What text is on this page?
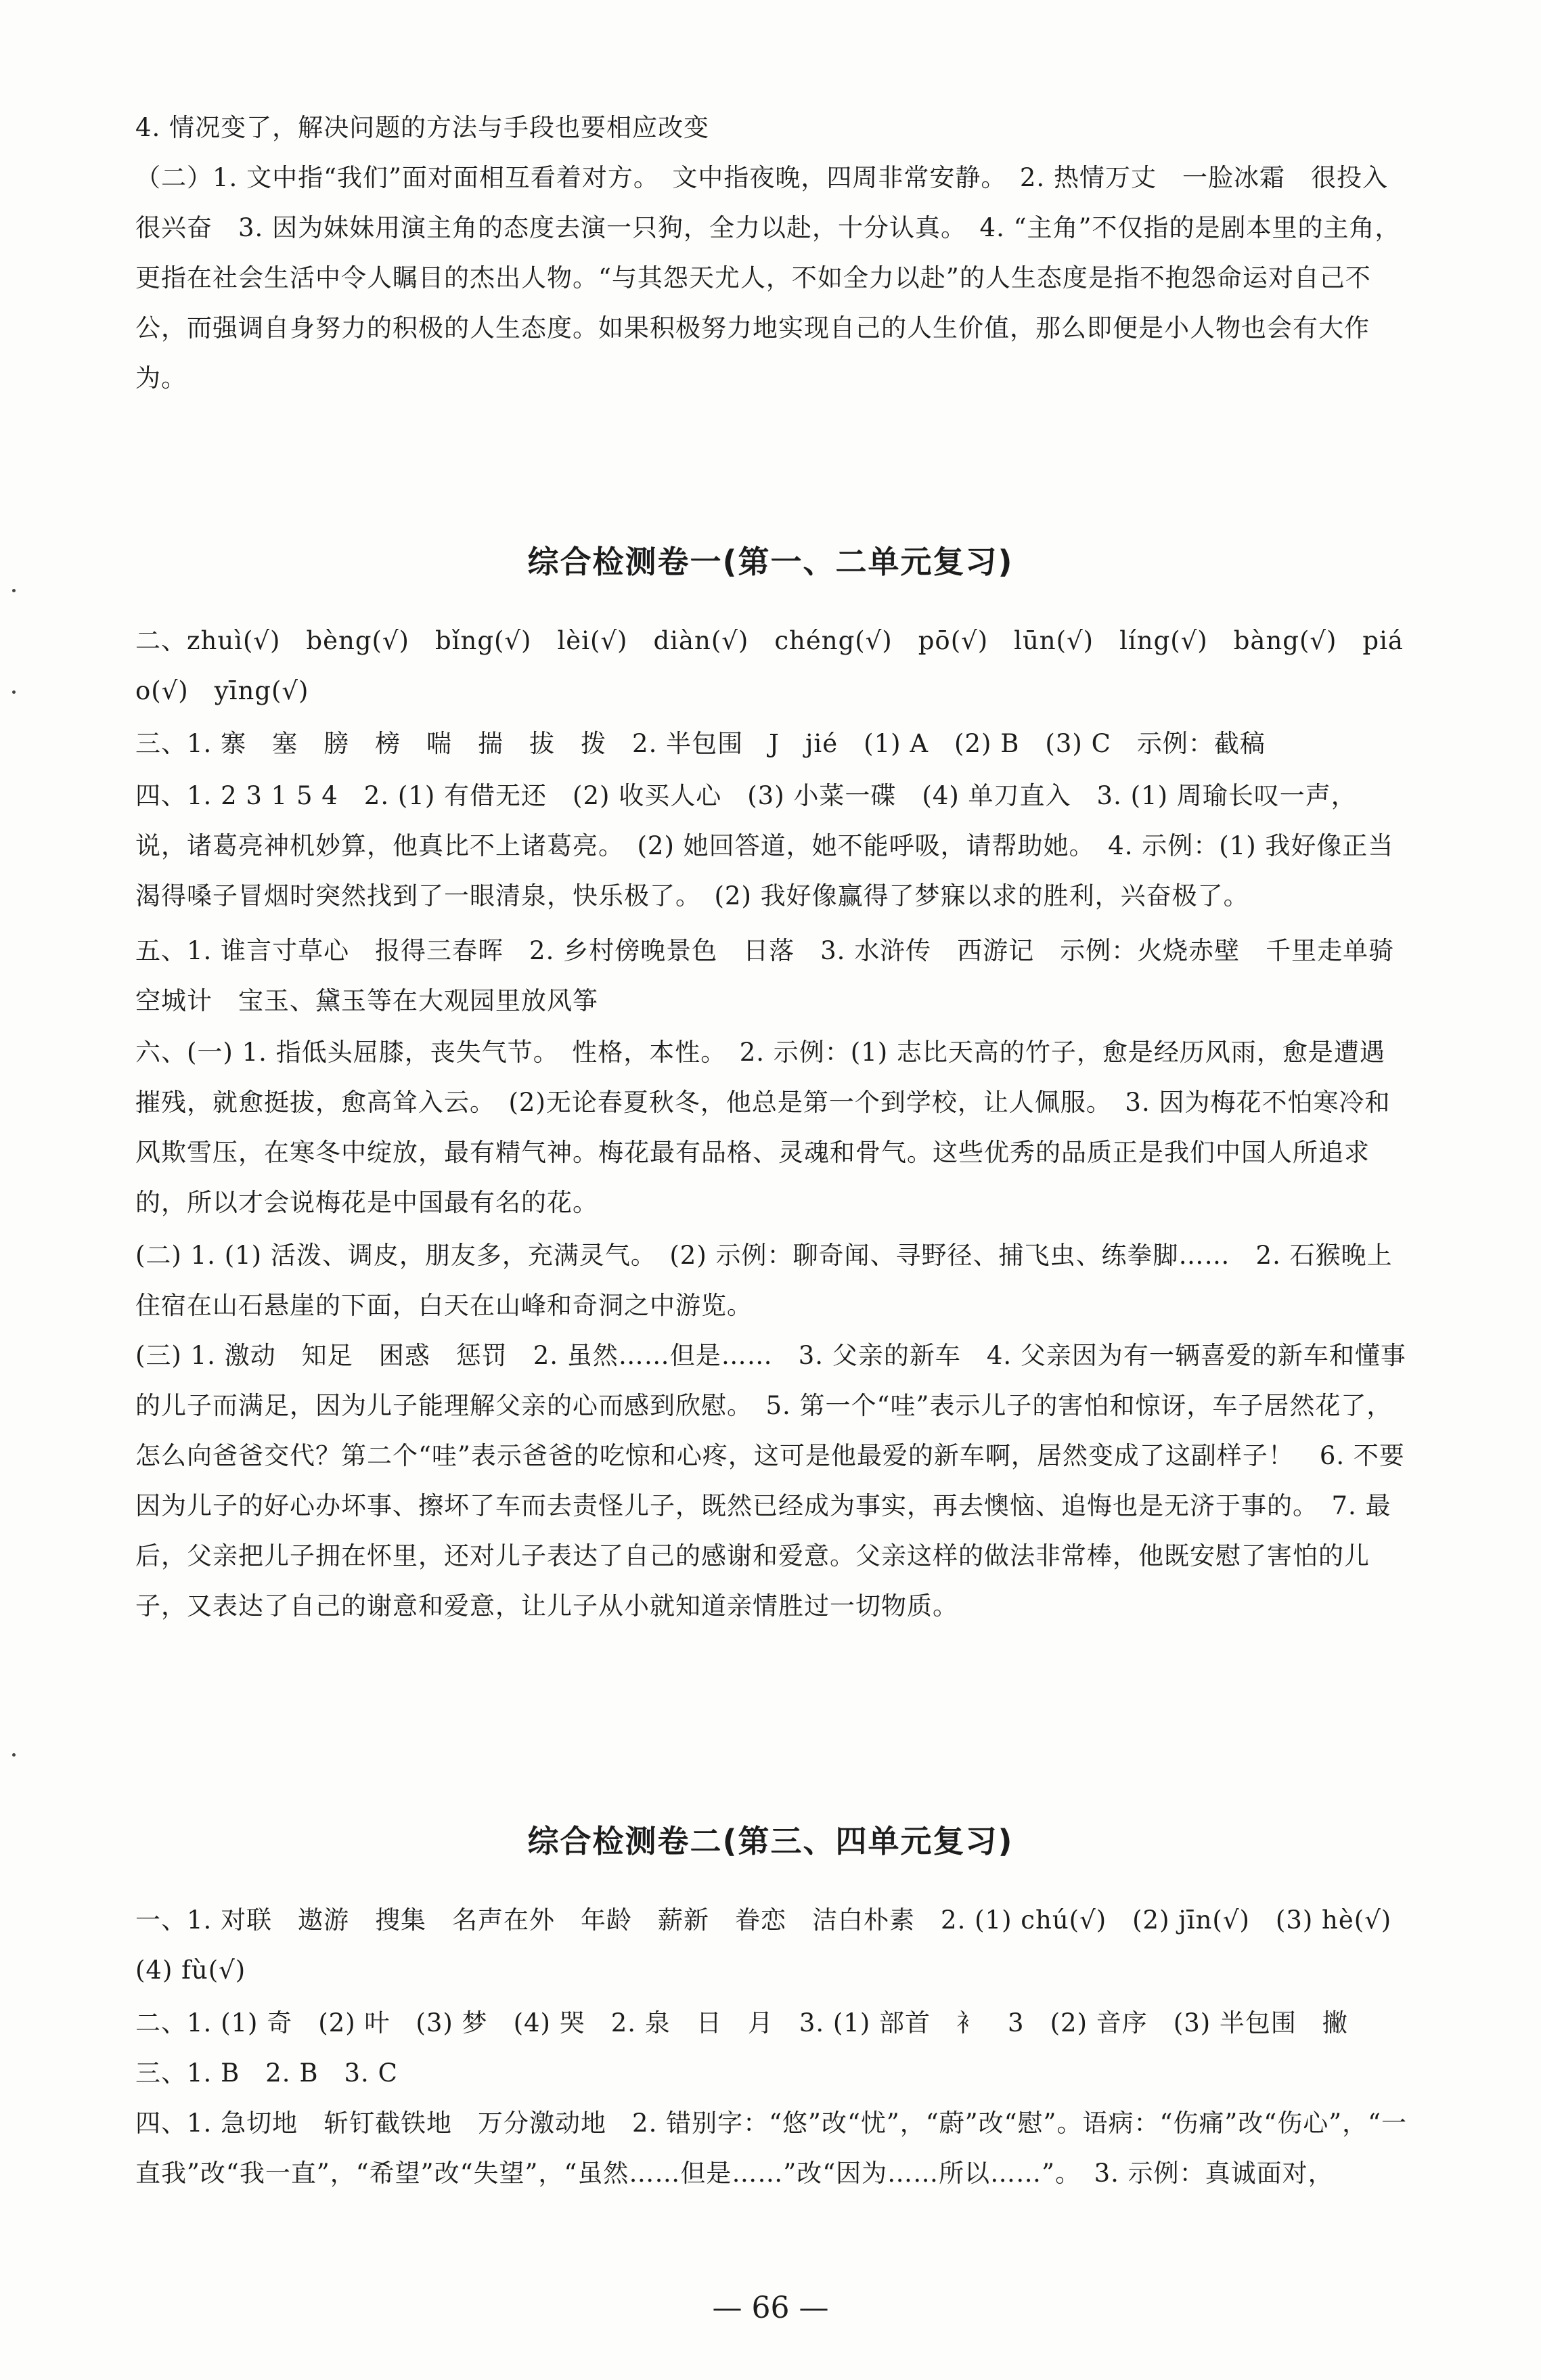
4. 情况变了，解决问题的方法与手段也要相应改变
（二）1. 文中指“我们”面对面相互看着对方。　文中指夜晚，四周非常安静。　2. 热情万丈　一脸冰霜　很投入　很兴奋　3. 因为妹妹用演主角的态度去演一只狗，全力以赴，十分认真。　4. “主角”不仅指的是剧本里的主角，更指在社会生活中令人瞩目的杰出人物。“与其怨天尤人，不如全力以赴”的人生态度是指不抱怨命运对自己不公，而强调自身努力的积极的人生态度。如果积极努力地实现自己的人生价值，那么即便是小人物也会有大作为。
综合检测卷一(第一、二单元复习)
二、zhuì(√)　bèng(√)　bǐng(√)　lèi(√)　diàn(√)　chéng(√)　pō(√)　lūn(√)　líng(√)　bàng(√)　piáo(√)　yīng(√)
三、1. 寨　塞　膀　榜　喘　揣　拔　拨　2. 半包围　J　jié　(1) A　(2) B　(3) C　示例：截稿
四、1. 2 3 1 5 4　2. (1) 有借无还　(2) 收买人心　(3) 小菜一碟　(4) 单刀直入　3. (1) 周瑜长叹一声，说，诸葛亮神机妙算，他真比不上诸葛亮。　(2) 她回答道，她不能呼吸，请帮助她。　4. 示例：(1) 我好像正当渴得嗓子冒烟时突然找到了一眼清泉，快乐极了。　(2) 我好像赢得了梦寐以求的胜利，兴奋极了。
五、1. 谁言寸草心　报得三春晖　2. 乡村傍晚景色　日落　3. 水浒传　西游记　示例：火烧赤壁　千里走单骑　空城计　宝玉、黛玉等在大观园里放风筝
六、(一) 1. 指低头屈膝，丧失气节。　性格，本性。　2. 示例：(1) 志比天高的竹子，愈是经历风雨，愈是遭遇摧残，就愈挺拔，愈高耸入云。　(2)无论春夏秋冬，他总是第一个到学校，让人佩服。　3. 因为梅花不怕寒冷和风欺雪压，在寒冬中绽放，最有精气神。梅花最有品格、灵魂和骨气。这些优秀的品质正是我们中国人所追求的，所以才会说梅花是中国最有名的花。
(二) 1. (1) 活泼、调皮，朋友多，充满灵气。　(2) 示例：聊奇闻、寻野径、捕飞虫、练拳脚……　2. 石猴晚上住宿在山石悬崖的下面，白天在山峰和奇洞之中游览。
(三) 1. 激动　知足　困惑　惩罚　2. 虽然……但是……　3. 父亲的新车　4. 父亲因为有一辆喜爱的新车和懂事的儿子而满足，因为儿子能理解父亲的心而感到欣慰。　5. 第一个“哇”表示儿子的害怕和惊讶，车子居然花了，怎么向爸爸交代？第二个“哇”表示爸爸的吃惊和心疼，这可是他最爱的新车啊，居然变成了这副样子！　6. 不要因为儿子的好心办坏事、擦坏了车而去责怪儿子，既然已经成为事实，再去懊恼、追悔也是无济于事的。　7. 最后，父亲把儿子拥在怀里，还对儿子表达了自己的感谢和爱意。父亲这样的做法非常棒，他既安慰了害怕的儿子，又表达了自己的谢意和爱意，让儿子从小就知道亲情胜过一切物质。
综合检测卷二(第三、四单元复习)
一、1. 对联　遨游　搜集　名声在外　年龄　薪新　眷恋　洁白朴素　2. (1) chú(√)　(2) jīn(√)　(3) hè(√)　(4) fù(√)
二、1. (1) 奇　(2) 叶　(3) 梦　(4) 哭　2. 泉　日　月　3. (1) 部首　衤　3　(2) 音序　(3) 半包围　撇
三、1. B　2. B　3. C
四、1. 急切地　斩钉截铁地　万分激动地　2. 错别字：“悠”改“忧”，“蔚”改“慰”。语病：“伤痛”改“伤心”，“一直我”改“我一直”，“希望”改“失望”，“虽然……但是……”改“因为……所以……”。　3. 示例：真诚面对，
— 66 —
